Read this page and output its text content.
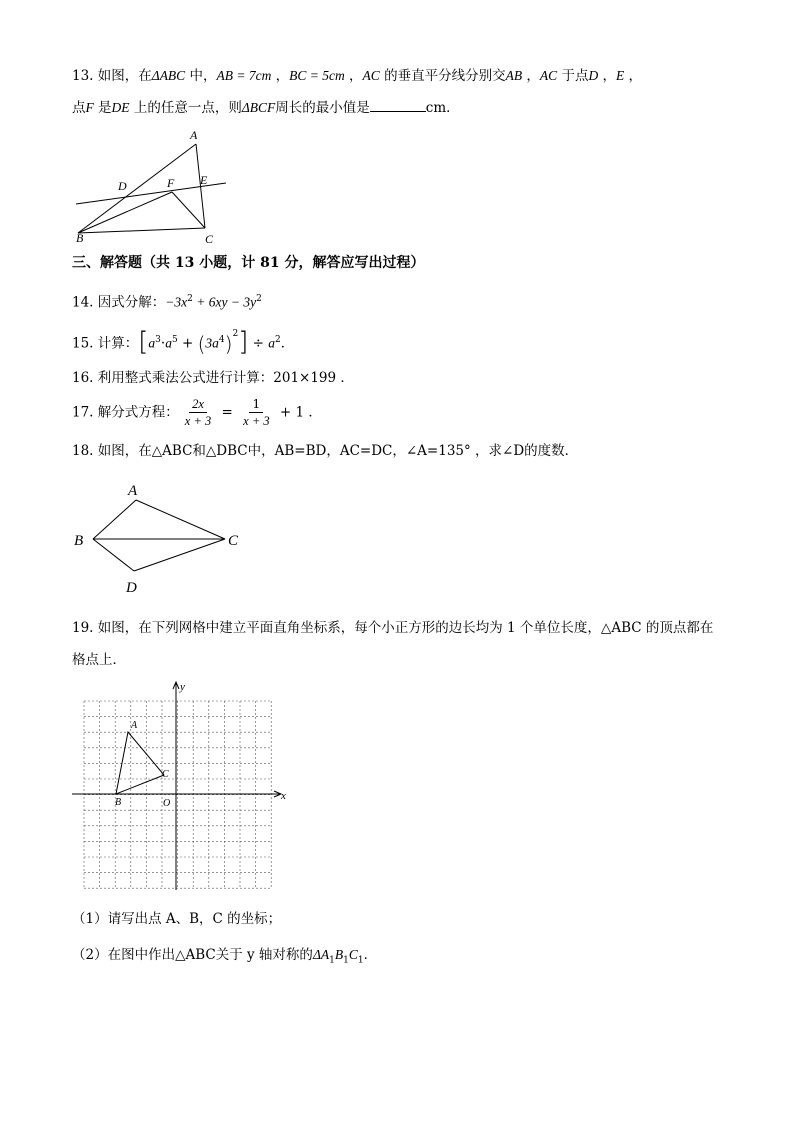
13. 如图，在ΔABC 中，AB = 7cm ，BC = 5cm ，AC 的垂直平分线分别交AB ，AC 于点D ，E ，
点F 是DE 上的任意一点，则ΔBCF周长的最小值是	cm．
A
D	F E
B	C
三、解答题（共 13 小题，计 81 分，解答应写出过程）
14. 因式分解：$-3x^2 + 6xy - 3y^2$
15. 计算：$[a^3\cdot a^5 + (3a^4)^2] \div a^2$．
16. 利用整式乘法公式进行计算：201×199 ．
17. 解分式方程： $\frac{2x}{x + 3} = \frac{1}{x + 3} + 1$ ．
18. 如图，在△ABC和△DBC中，AB=BD，AC=DC，∠A=135° ，求∠D的度数．
A
B	C
D
19. 如图，在下列网格中建立平面直角坐标系，每个小正方形的边长均为 1 个单位长度，△ABC 的顶点都在
格点上．
y
x
A
B
C
O
（1）请写出点 A、B，C 的坐标；
（2）在图中作出△ABC关于 y 轴对称的$\Delta A_1B_1C_1$．
